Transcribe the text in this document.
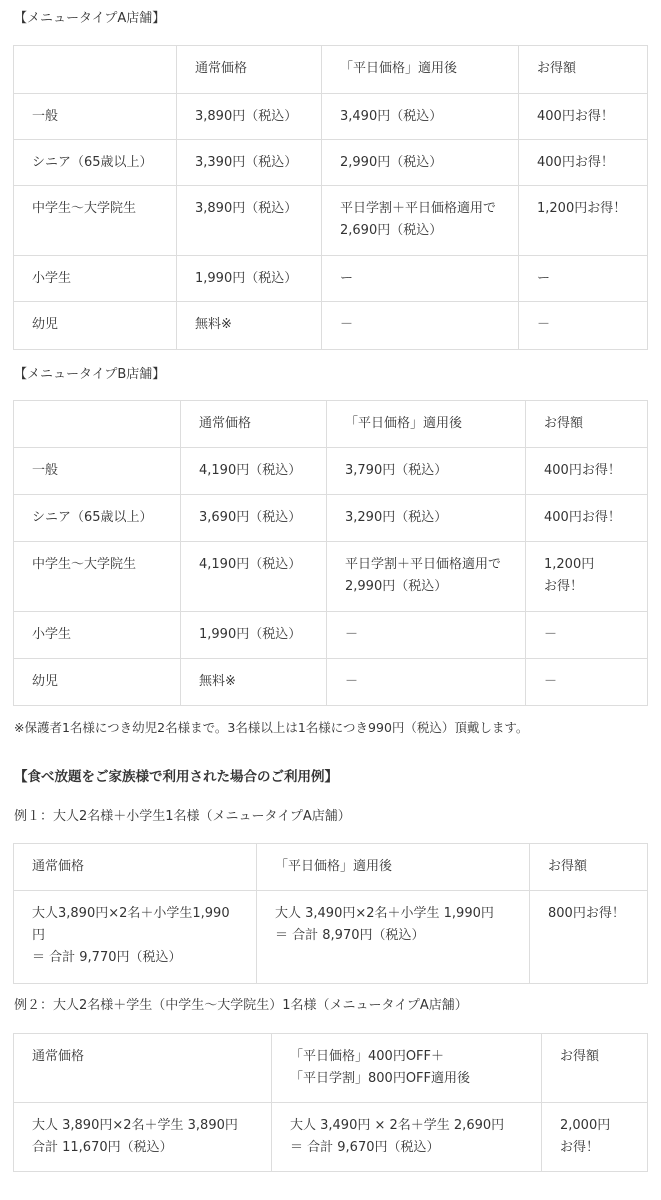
【メニュータイプA店舗】
	通常価格	「平日価格」適用後	お得額
一般	3,890円（税込）	3,490円（税込）	400円お得！

シニア（65歳以上）	3,390円（税込）	2,990円（税込）	400円お得！

中学生～大学院生	3,890円（税込）	平日学割＋平日価格適用で
2,690円（税込）	1,200円お得！

小学生	1,990円（税込）	ー	ー

幼児	無料※	－	－
【メニュータイプB店舗】
	通常価格	「平日価格」適用後	お得額
一般	4,190円（税込）	3,790円（税込）	400円お得！

シニア（65歳以上）	3,690円（税込）	3,290円（税込）	400円お得！

中学生～大学院生	4,190円（税込）	平日学割＋平日価格適用で
2,990円（税込）	1,200円
お得！

小学生	1,990円（税込）	－	－

幼児	無料※	－	－
※保護者1名様につき幼児2名様まで。3名様以上は1名様につき990円（税込）頂戴します。
【食べ放題をご家族様で利用された場合のご利用例】
例１：大人2名様＋小学生1名様（メニュータイプA店舗）
通常価格	「平日価格」適用後	お得額

大人3,890円×2名＋小学生1,990
円
＝ 合計 9,770円（税込）	大人 3,490円×2名＋小学生 1,990円
＝ 合計 8,970円（税込）	800円お得！
例２：大人2名様＋学生（中学生～大学院生）1名様（メニュータイプA店舗）
通常価格	「平日価格」400円OFF＋
「平日学割」800円OFF適用後	お得額

大人 3,890円×2名＋学生 3,890円
合計 11,670円（税込）	大人 3,490円 × 2名＋学生 2,690円
＝ 合計 9,670円（税込）	2,000円
お得！
